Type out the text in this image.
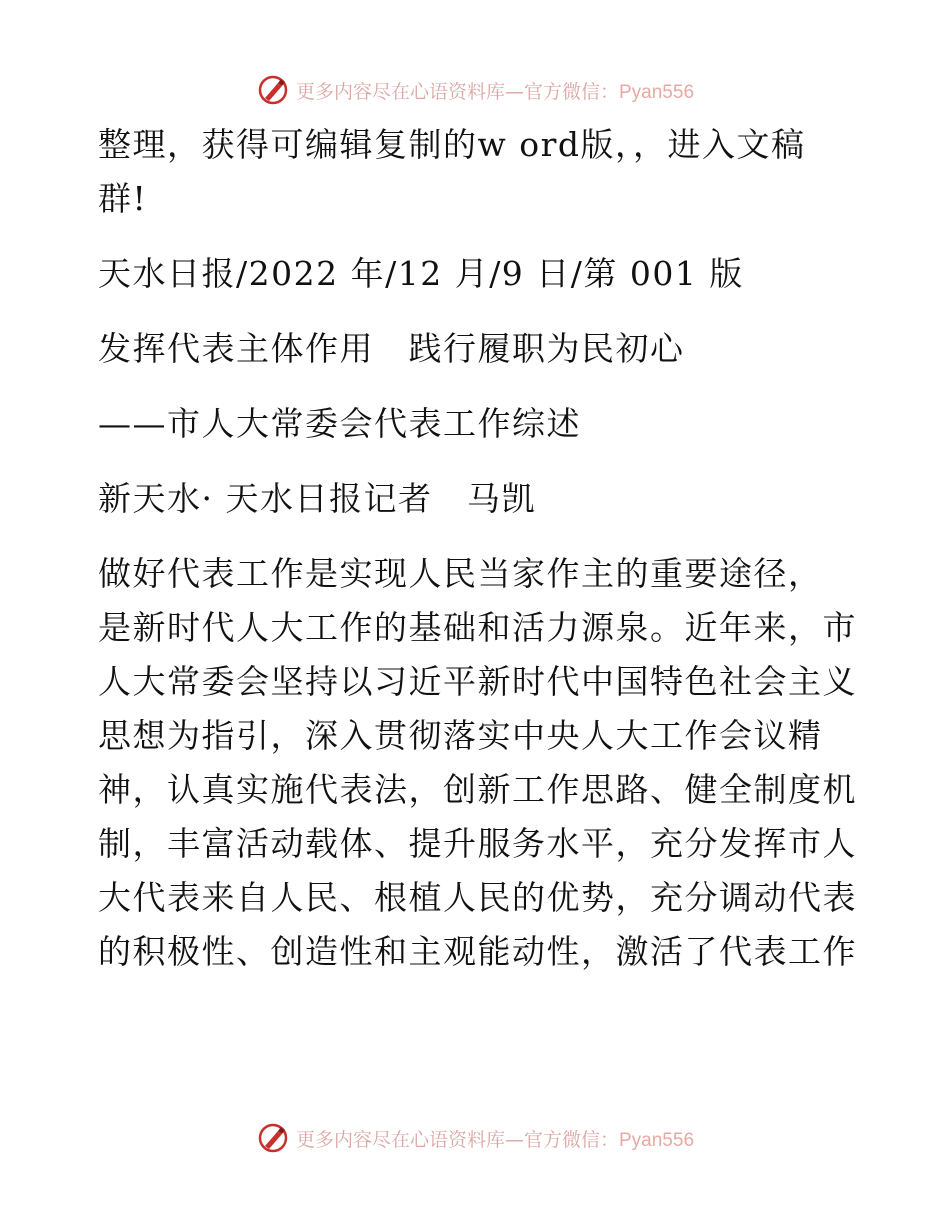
更多内容尽在心语资料库—官方微信：Pyan556
整理，获得可编辑复制的w ord版，，进入文稿
群!
天水日报/2022 年/12 月/9 日/第 001 版
发挥代表主体作用　践行履职为民初心
——市人大常委会代表工作综述
新天水· 天水日报记者　马凯
做好代表工作是实现人民当家作主的重要途径，
是新时代人大工作的基础和活力源泉。近年来，市
人大常委会坚持以习近平新时代中国特色社会主义
思想为指引，深入贯彻落实中央人大工作会议精
神，认真实施代表法，创新工作思路、健全制度机
制，丰富活动载体、提升服务水平，充分发挥市人
大代表来自人民、根植人民的优势，充分调动代表
的积极性、创造性和主观能动性，激活了代表工作
更多内容尽在心语资料库—官方微信：Pyan556
